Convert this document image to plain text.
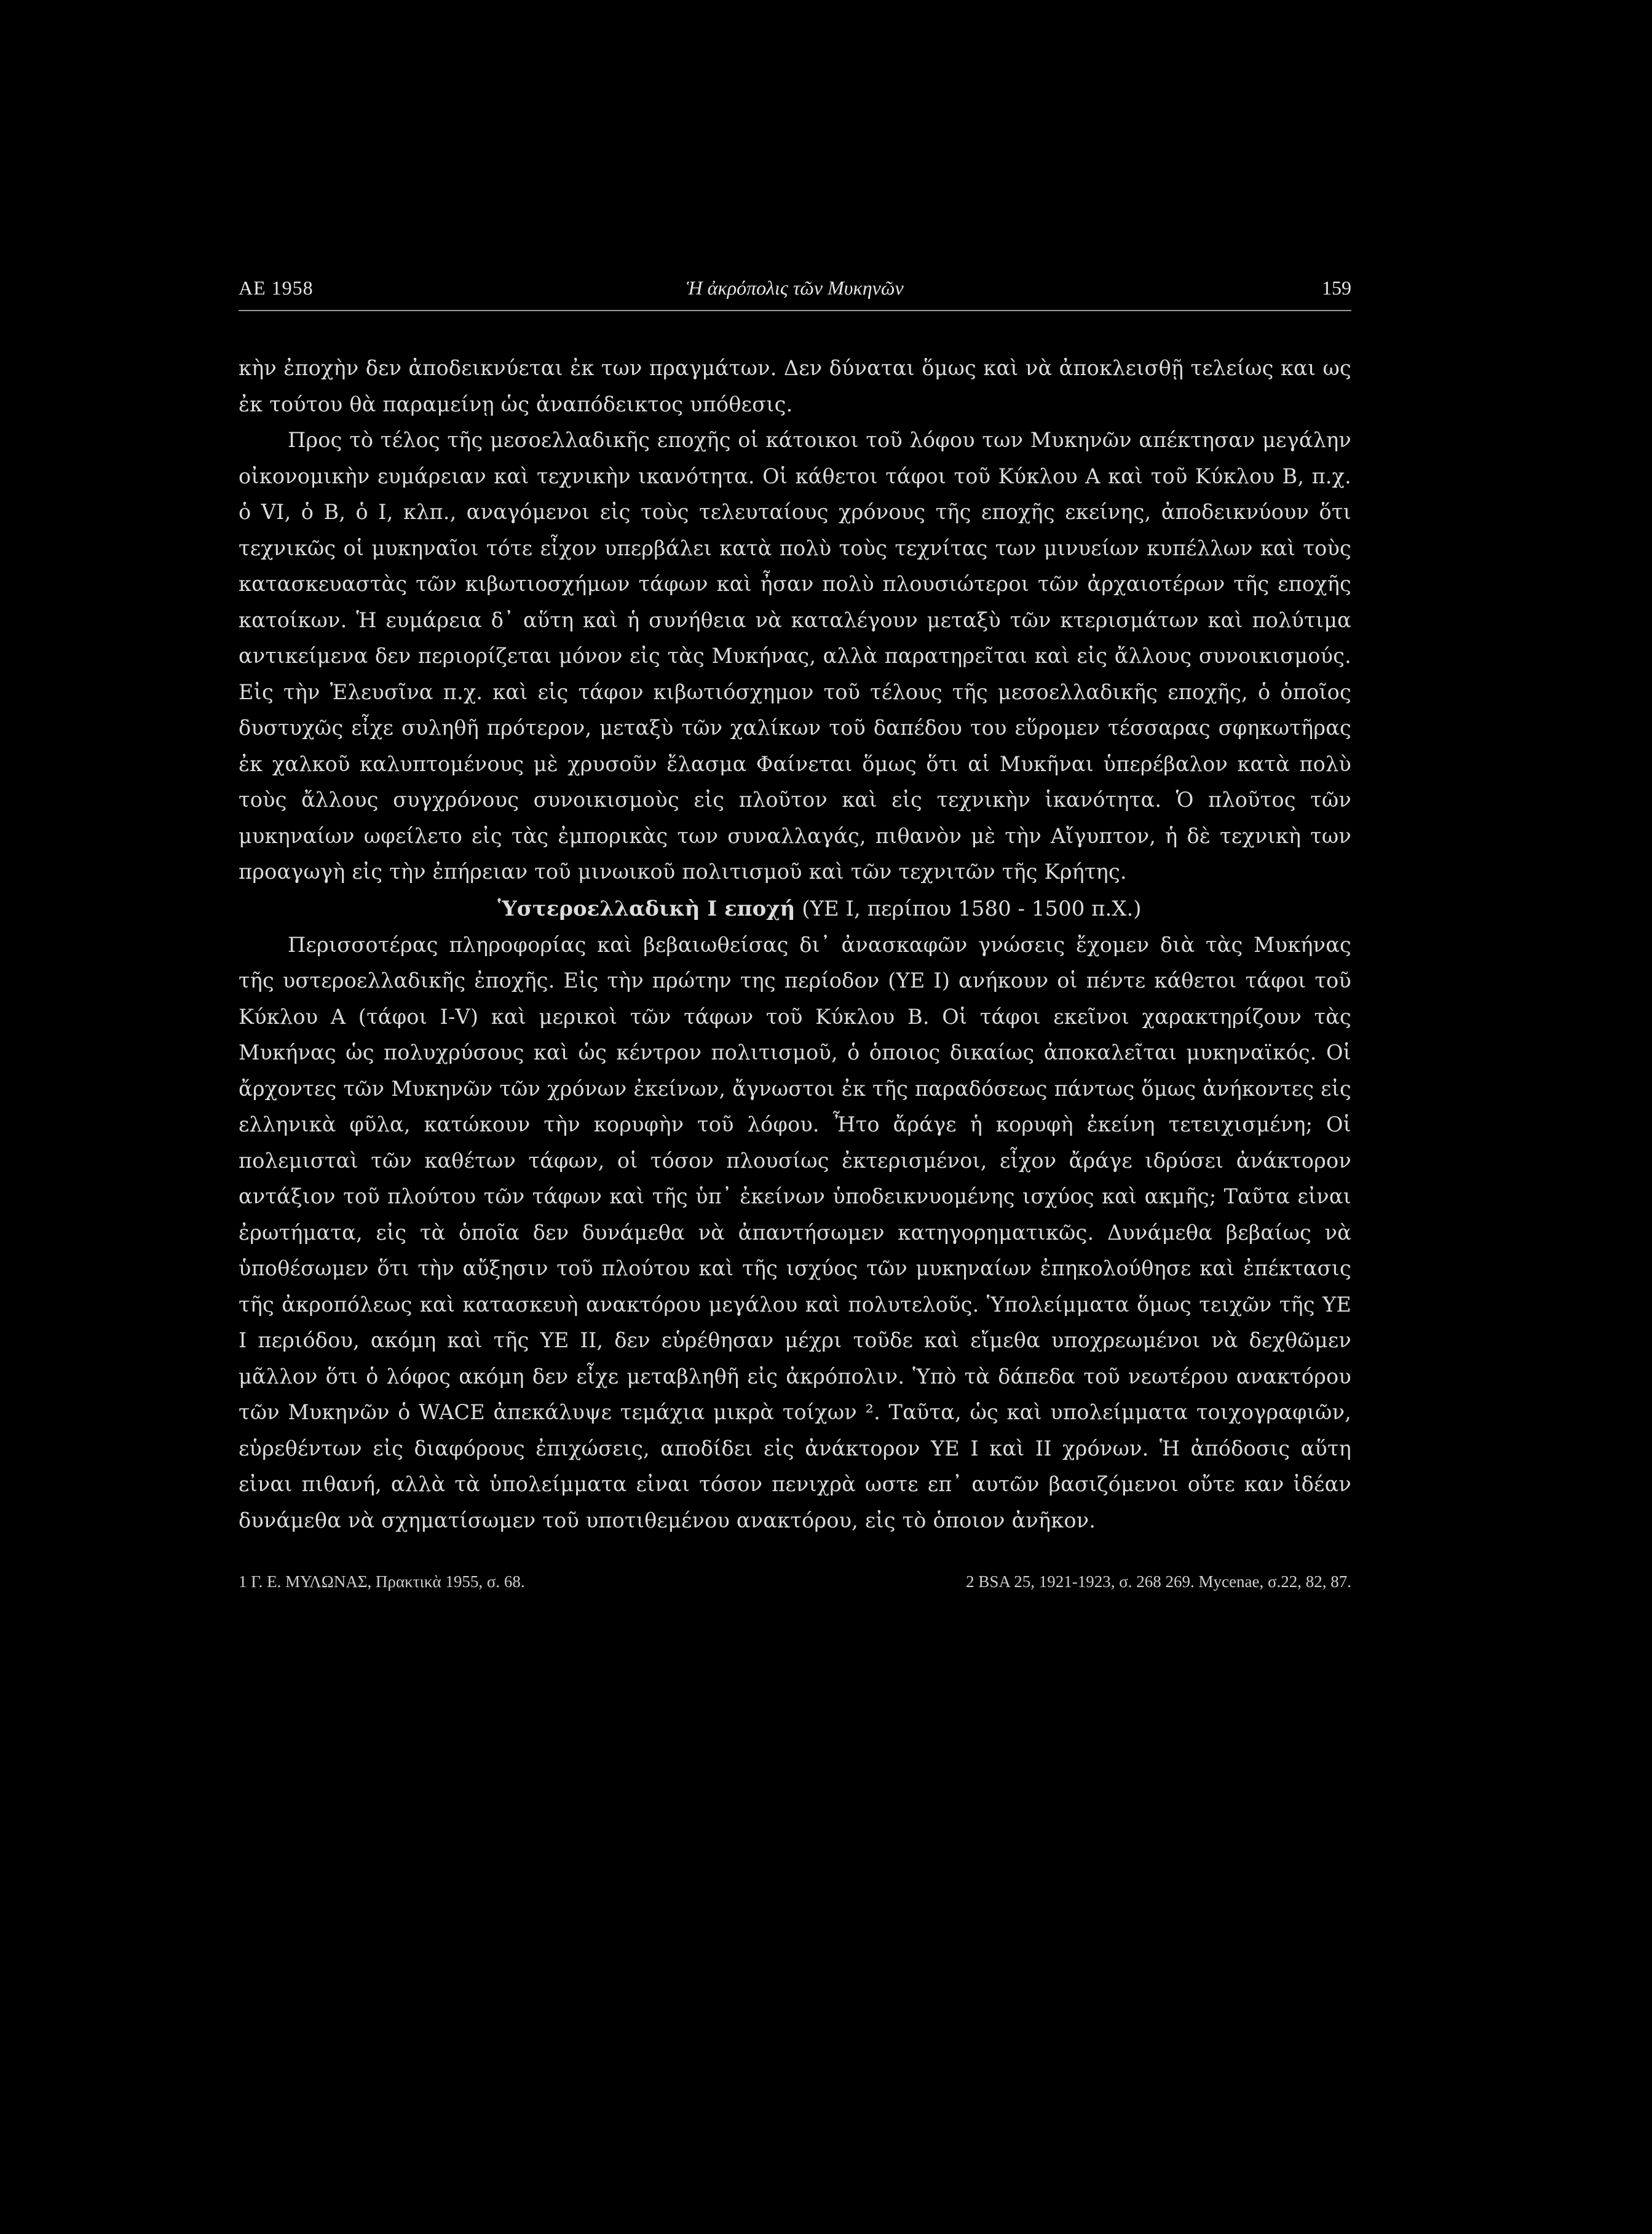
ΑΕ 1958	Ἡ ἀκρόπολις τῶν Μυκηνῶν	159

κὴν ἐποχὴν δεν ἀποδεικνύεται ἐκ των πραγμάτων. Δεν δύναται ὅμως καὶ νὰ ἀποκλεισθῇ τελείως και ως ἐκ τούτου θὰ παραμείνῃ ὡς ἀναπόδεικτος υπόθεσις.

Προς τὸ τέλος τῆς μεσοελλαδικῆς εποχῆς οἱ κάτοικοι τοῦ λόφου των Μυκηνῶν απέκτησαν μεγάλην οἰκονομικὴν ευμάρειαν καὶ τεχνικὴν ικανότητα. Οἱ κάθετοι τάφοι τοῦ Κύκλου Α καὶ τοῦ Κύκλου Β, π.χ. ὁ VI, ὁ Β, ὁ Ι, κλπ., αναγόμενοι εἰς τοὺς τελευταίους χρόνους τῆς εποχῆς εκείνης, ἀποδεικνύουν ὅτι τεχνικῶς οἱ μυκηναῖοι τότε εἶχον υπερβάλει κατὰ πολὺ τοὺς τεχνίτας των μινυείων κυπέλλων καὶ τοὺς κατασκευαστὰς τῶν κιβωτιοσχήμων τάφων καὶ ἦσαν πολὺ πλουσιώτεροι τῶν ἀρχαιοτέρων τῆς εποχῆς κατοίκων. Ἡ ευμάρεια δ᾿ αὕτη καὶ ἡ συνήθεια νὰ καταλέγουν μεταξὺ τῶν κτερισμάτων καὶ πολύτιμα αντικείμενα δεν περιορίζεται μόνον εἰς τὰς Μυκήνας, αλλὰ παρατηρεῖται καὶ εἰς ἄλλους συνοικισμούς. Εἰς τὴν Ἐλευσῖνα π.χ. καὶ εἰς τάφον κιβωτιόσχημον τοῦ τέλους τῆς μεσοελλαδικῆς εποχῆς, ὁ ὁποῖος δυστυχῶς εἶχε συληθῆ πρότερον, μεταξὺ τῶν χαλίκων τοῦ δαπέδου του εὕρομεν τέσσαρας σφηκωτῆρας ἐκ χαλκοῦ καλυπτομένους μὲ χρυσοῦν ἔλασμα Φαίνεται ὅμως ὅτι αἱ Μυκῆναι ὑπερέβαλον κατὰ πολὺ τοὺς ἄλλους συγχρόνους συνοικισμοὺς εἰς πλοῦτον καὶ εἰς τεχνικὴν ἱκανότητα. Ὁ πλοῦτος τῶν μυκηναίων ωφείλετο εἰς τὰς ἐμπορικὰς των συναλλαγάς, πιθανὸν μὲ τὴν Αἴγυπτον, ἡ δὲ τεχνικὴ των προαγωγὴ εἰς τὴν ἐπήρειαν τοῦ μινωικοῦ πολιτισμοῦ καὶ τῶν τεχνιτῶν τῆς Κρήτης.

Ὑστεροελλαδικὴ Ι εποχή (ΥΕ Ι, περίπου 1580 - 1500 π.Χ.)

Περισσοτέρας πληροφορίας καὶ βεβαιωθείσας δι᾿ ἀνασκαφῶν γνώσεις ἔχομεν διὰ τὰς Μυκήνας τῆς υστεροελλαδικῆς ἐποχῆς. Εἰς τὴν πρώτην της περίοδον (ΥΕ Ι) ανήκουν οἱ πέντε κάθετοι τάφοι τοῦ Κύκλου Α (τάφοι Ι-V) καὶ μερικοὶ τῶν τάφων τοῦ Κύκλου Β. Οἱ τάφοι εκεῖνοι χαρακτηρίζουν τὰς Μυκήνας ὡς πολυχρύσους καὶ ὡς κέντρον πολιτισμοῦ, ὁ ὁποιος δικαίως ἀποκαλεῖται μυκηναϊκός. Οἱ ἄρχοντες τῶν Μυκηνῶν τῶν χρόνων ἐκείνων, ἄγνωστοι ἐκ τῆς παραδόσεως πάντως ὅμως ἀνήκοντες εἰς ελληνικὰ φῦλα, κατώκουν τὴν κορυφὴν τοῦ λόφου. Ἦτο ἄράγε ἡ κορυφὴ ἐκείνη τετειχισμένη; Οἱ πολεμισταὶ τῶν καθέτων τάφων, οἱ τόσον πλουσίως ἐκτερισμένοι, εἶχον ἄράγε ιδρύσει ἀνάκτορον αντάξιον τοῦ πλούτου τῶν τάφων καὶ τῆς ὑπ᾿ ἐκείνων ὑποδεικνυομένης ισχύος καὶ ακμῆς; Ταῦτα εἰναι ἐρωτήματα, εἰς τὰ ὁποῖα δεν δυνάμεθα νὰ ἀπαντήσωμεν κατηγορηματικῶς. Δυνάμεθα βεβαίως νὰ ὑποθέσωμεν ὅτι τὴν αὔξησιν τοῦ πλούτου καὶ τῆς ισχύος τῶν μυκηναίων ἐπηκολούθησε καὶ ἐπέκτασις τῆς ἀκροπόλεως καὶ κατασκευὴ ανακτόρου μεγάλου καὶ πολυτελοῦς. Ὑπολείμματα ὅμως τειχῶν τῆς ΥΕ Ι περιόδου, ακόμη καὶ τῆς ΥΕ ΙΙ, δεν εὑρέθησαν μέχρι τοῦδε καὶ εἴμεθα υποχρεωμένοι νὰ δεχθῶμεν μᾶλλον ὅτι ὁ λόφος ακόμη δεν εἶχε μεταβληθῆ εἰς ἀκρόπολιν. Ὑπὸ τὰ δάπεδα τοῦ νεωτέρου ανακτόρου τῶν Μυκηνῶν ὁ WACE ἀπεκάλυψε τεμάχια μικρὰ τοίχων ². Ταῦτα, ὡς καὶ υπολείμματα τοιχογραφιῶν, εὑρεθέντων εἰς διαφόρους ἐπιχώσεις, αποδίδει εἰς ἀνάκτορον ΥΕ Ι καὶ ΙΙ χρόνων. Ἡ ἀπόδοσις αὕτη εἰναι πιθανή, αλλὰ τὰ ὑπολείμματα εἰναι τόσον πενιχρὰ ωστε επ᾿ αυτῶν βασιζόμενοι οὔτε καν ἰδέαν δυνάμεθα νὰ σχηματίσωμεν τοῦ υποτιθεμένου ανακτόρου, εἰς τὸ ὁποιον ἀνῆκον.

1 Γ. Ε. ΜΥΛΩΝΑΣ, Πρακτικὰ 1955, σ. 68.	2 BSA 25, 1921-1923, σ. 268 269. Mycenae, σ.22, 82, 87.
